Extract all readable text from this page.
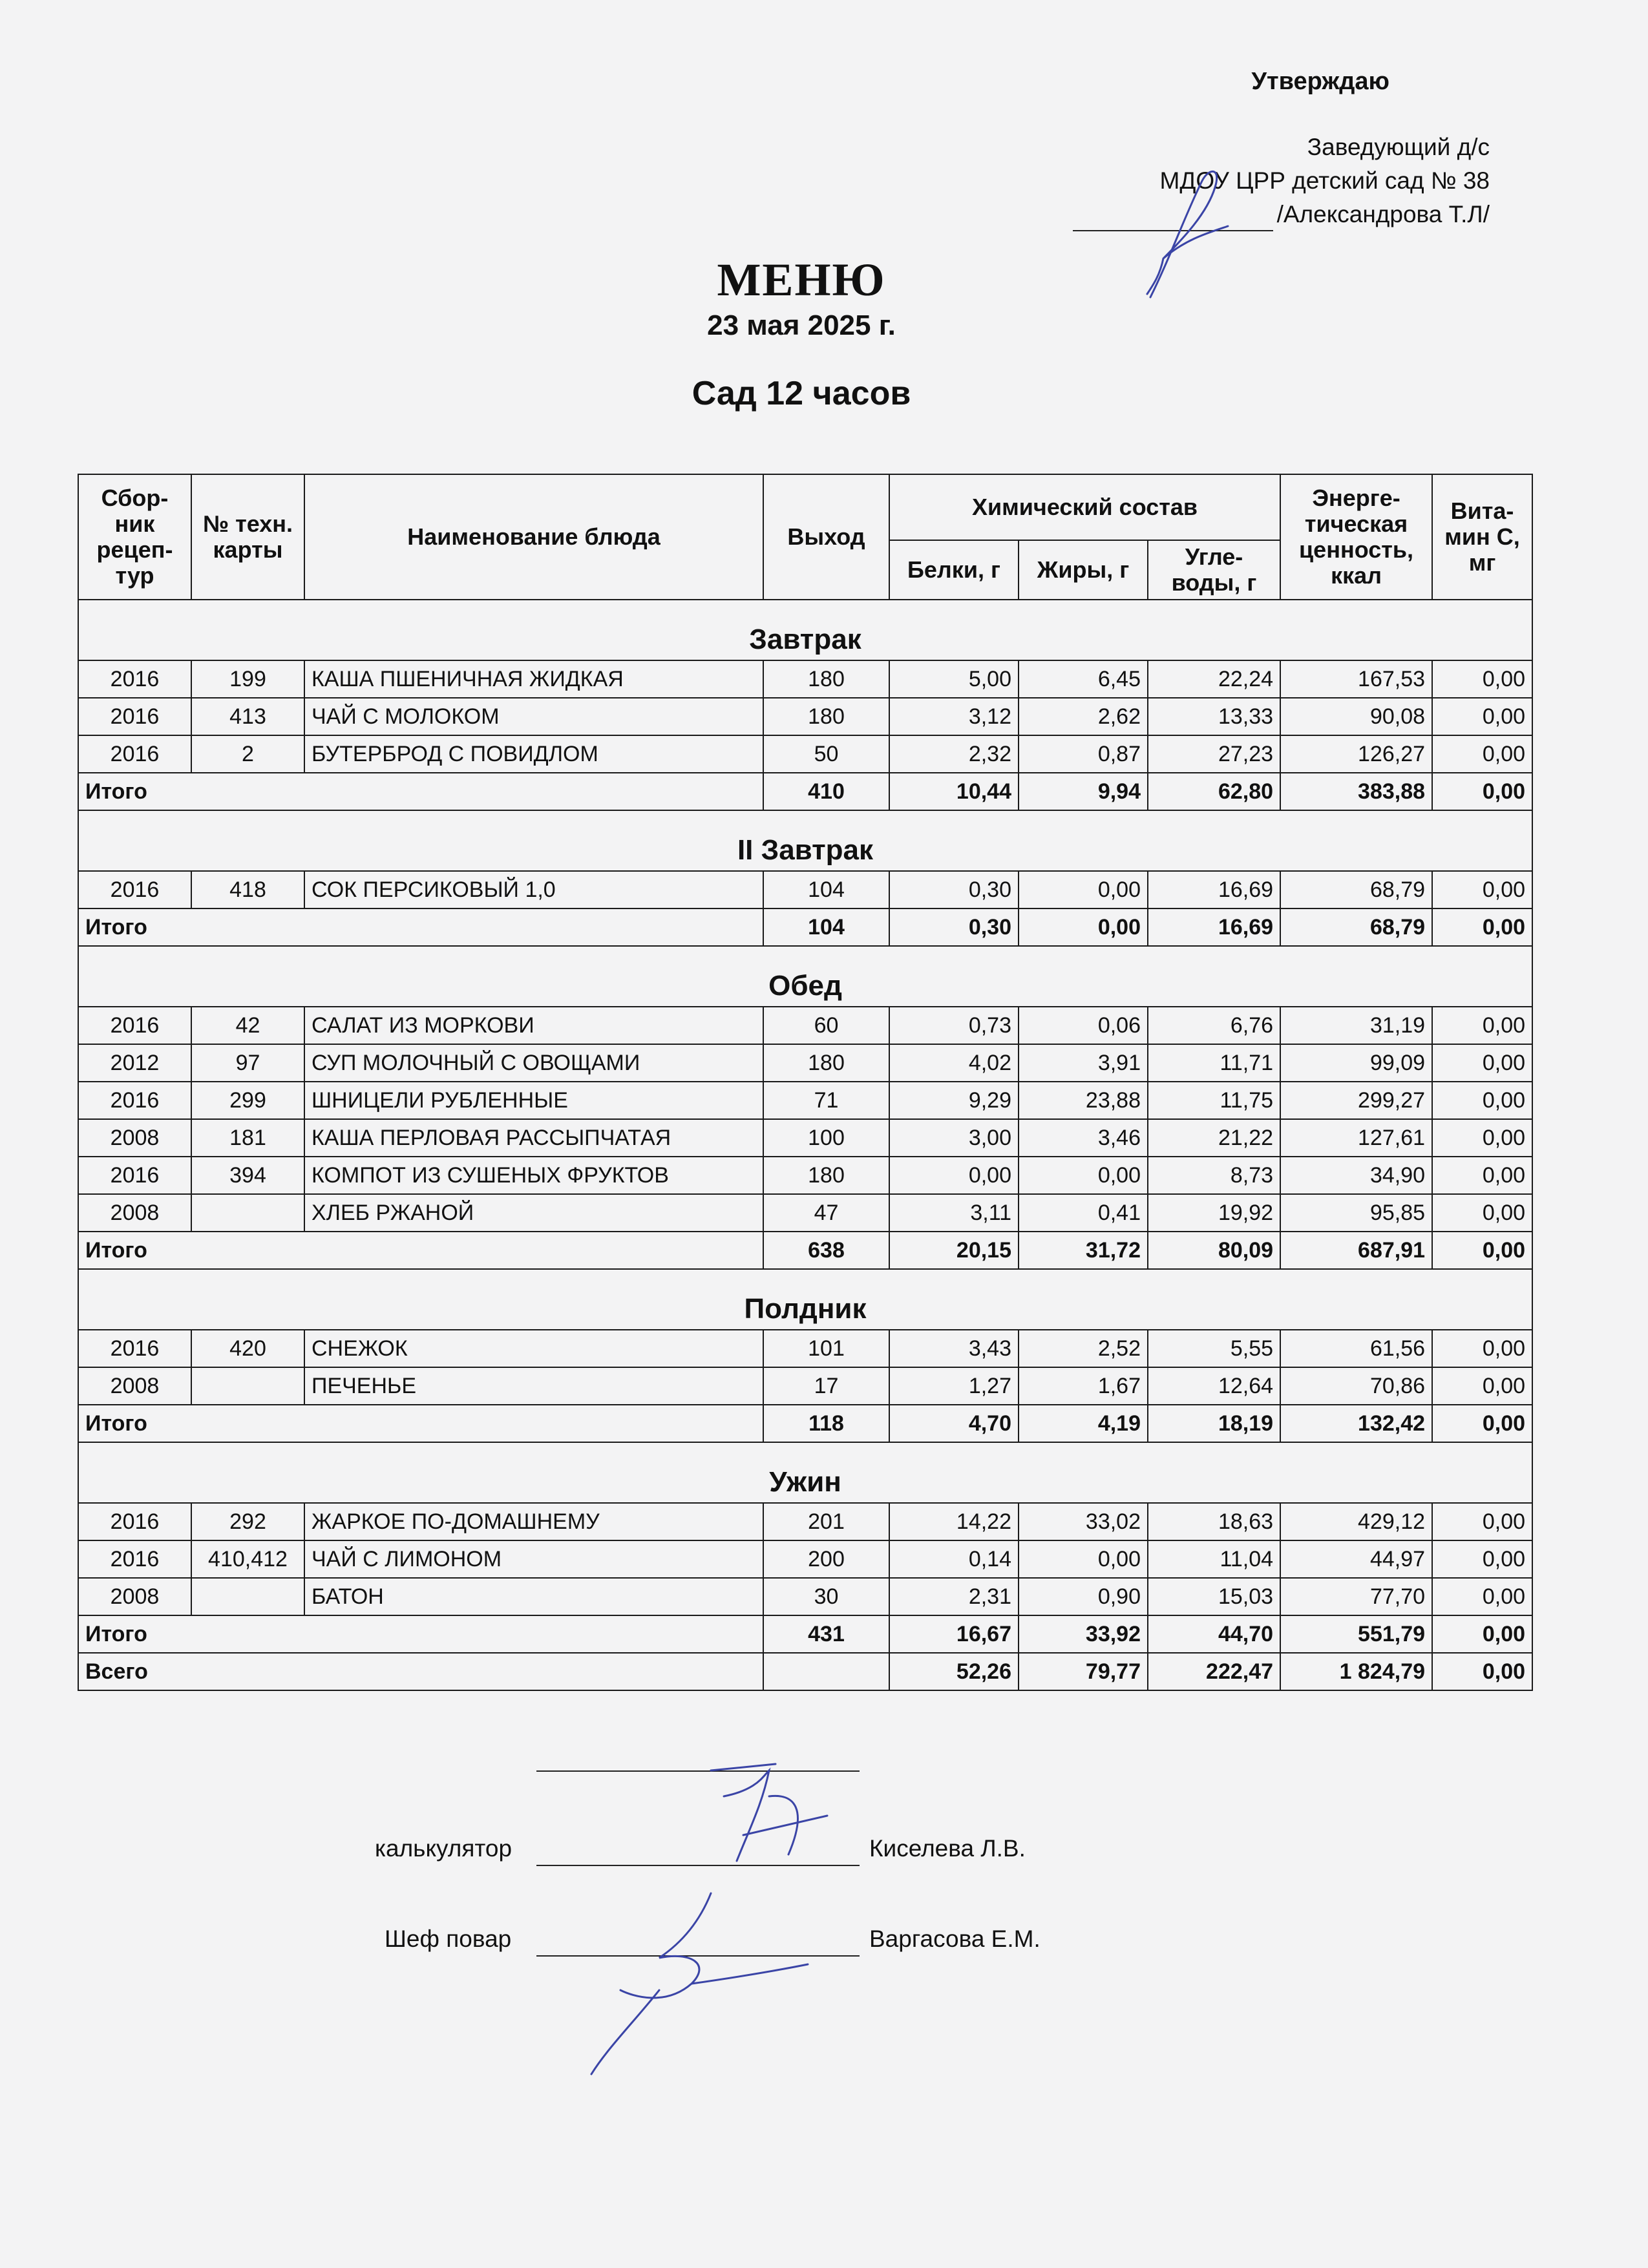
Утверждаю
Заведующий д/с
МДОУ ЦРР детский сад № 38
/Александрова Т.Л/
МЕНЮ
23 мая 2025 г.
Сад 12 часов
Сбор-ник рецеп-тур	№ техн. карты	Наименование блюда	Выход	Химический состав			Энерге-тическая ценность, ккал	Вита-мин С, мг
				Белки, г	Жиры, г	Угле-воды, г		
Завтрак								
2016	199	КАША ПШЕНИЧНАЯ ЖИДКАЯ	180	5,00	6,45	22,24	167,53	0,00
2016	413	ЧАЙ С МОЛОКОМ	180	3,12	2,62	13,33	90,08	0,00
2016	2	БУТЕРБРОД С ПОВИДЛОМ	50	2,32	0,87	27,23	126,27	0,00
Итого			410	10,44	9,94	62,80	383,88	0,00
II Завтрак								
2016	418	СОК ПЕРСИКОВЫЙ 1,0	104	0,30	0,00	16,69	68,79	0,00
Итого			104	0,30	0,00	16,69	68,79	0,00
Обед								
2016	42	САЛАТ ИЗ МОРКОВИ	60	0,73	0,06	6,76	31,19	0,00
2012	97	СУП МОЛОЧНЫЙ С ОВОЩАМИ	180	4,02	3,91	11,71	99,09	0,00
2016	299	ШНИЦЕЛИ РУБЛЕННЫЕ	71	9,29	23,88	11,75	299,27	0,00
2008	181	КАША ПЕРЛОВАЯ РАССЫПЧАТАЯ	100	3,00	3,46	21,22	127,61	0,00
2016	394	КОМПОТ ИЗ СУШЕНЫХ ФРУКТОВ	180	0,00	0,00	8,73	34,90	0,00
2008		ХЛЕБ РЖАНОЙ	47	3,11	0,41	19,92	95,85	0,00
Итого			638	20,15	31,72	80,09	687,91	0,00
Полдник								
2016	420	СНЕЖОК	101	3,43	2,52	5,55	61,56	0,00
2008		ПЕЧЕНЬЕ	17	1,27	1,67	12,64	70,86	0,00
Итого			118	4,70	4,19	18,19	132,42	0,00
Ужин								
2016	292	ЖАРКОЕ ПО-ДОМАШНЕМУ	201	14,22	33,02	18,63	429,12	0,00
2016	410,412	ЧАЙ С ЛИМОНОМ	200	0,14	0,00	11,04	44,97	0,00
2008		БАТОН	30	2,31	0,90	15,03	77,70	0,00
Итого			431	16,67	33,92	44,70	551,79	0,00
Всего				52,26	79,77	222,47	1 824,79	0,00
калькулятор	Киселева Л.В.
Шеф повар	Варгасова Е.М.
